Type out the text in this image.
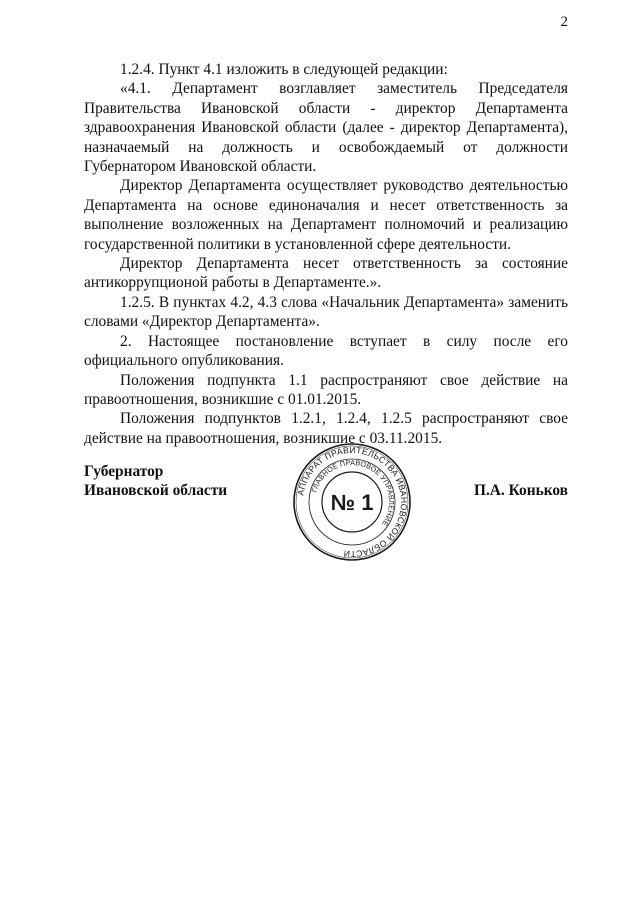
2

1.2.4. Пункт 4.1 изложить в следующей редакции:

«4.1. Департамент возглавляет заместитель Председателя Правительства Ивановской области - директор Департамента здравоохранения Ивановской области (далее - директор Департамента), назначаемый на должность и освобождаемый от должности Губернатором Ивановской области.

Директор Департамента осуществляет руководство деятельностью Департамента на основе единоначалия и несет ответственность за выполнение возложенных на Департамент полномочий и реализацию государственной политики в установленной сфере деятельности.

Директор Департамента несет ответственность за состояние антикоррупционой работы в Департаменте.».

1.2.5. В пунктах 4.2, 4.3 слова «Начальник Департамента» заменить словами «Директор Департамента».

2. Настоящее постановление вступает в силу после его официального опубликования.

Положения подпункта 1.1 распространяют свое действие на правоотношения, возникшие с 01.01.2015.

Положения подпунктов 1.2.1, 1.2.4, 1.2.5 распространяют свое действие на правоотношения, возникшие с 03.11.2015.

Губернатор
Ивановской области	АППАРАТ ПРАВИТЕЛЬСТВА ИВАНОВСКОЙ ОБЛАСТИ
ГЛАВНОЕ ПРАВОВОЕ УПРАВЛЕНИЕ
№ 1	П.А. Коньков
